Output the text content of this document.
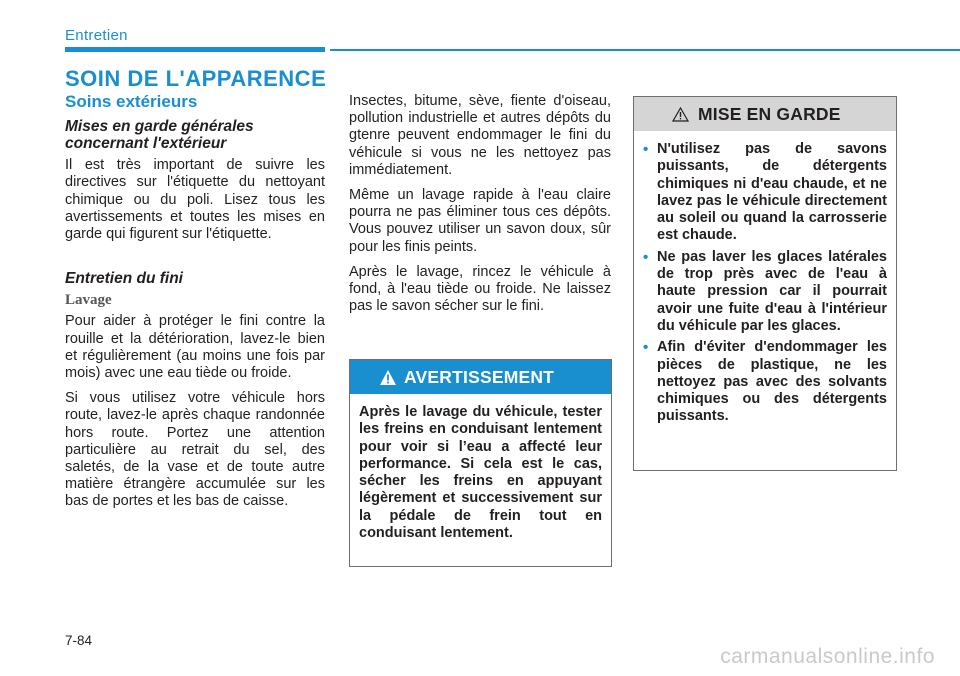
Entretien
SOIN DE L'APPARENCE
Soins extérieurs
Mises en garde générales concernant l'extérieur

Il est très important de suivre les directives sur l'étiquette du nettoyant chimique ou du poli. Lisez tous les avertissements et toutes les mises en garde qui figurent sur l'étiquette.

Entretien du fini
Lavage

Pour aider à protéger le fini contre la rouille et la détérioration, lavez-le bien et régulièrement (au moins une fois par mois) avec une eau tiède ou froide.

Si vous utilisez votre véhicule hors route, lavez-le après chaque randonnée hors route. Portez une attention particulière au retrait du sel, des saletés, de la vase et de toute autre matière étrangère accumulée sur les bas de portes et les bas de caisse.

Insectes, bitume, sève, fiente d'oiseau, pollution industrielle et autres dépôts du gtenre peuvent endommager le fini du véhicule si vous ne les nettoyez pas immédiatement.

Même un lavage rapide à l'eau claire pourra ne pas éliminer tous ces dépôts. Vous pouvez utiliser un savon doux, sûr pour les finis peints.

Après le lavage, rincez le véhicule à fond, à l'eau tiède ou froide. Ne laissez pas le savon sécher sur le fini.

AVERTISSEMENT
Après le lavage du véhicule, tester les freins en conduisant lentement pour voir si l’eau a affecté leur performance. Si cela est le cas, sécher les freins en appuyant légèrement et successivement sur la pédale de frein tout en conduisant lentement.
MISE EN GARDE
• N'utilisez pas de savons puissants, de détergents chimiques ni d'eau chaude, et ne lavez pas le véhicule directement au soleil ou quand la carrosserie est chaude.
• Ne pas laver les glaces latérales de trop près avec de l'eau à haute pression car il pourrait avoir une fuite d'eau à l'intérieur du véhicule par les glaces.
• Afin d'éviter d'endommager les pièces de plastique, ne les nettoyez pas avec des solvants chimiques ou des détergents puissants.
7-84
carmanualsonline.info
